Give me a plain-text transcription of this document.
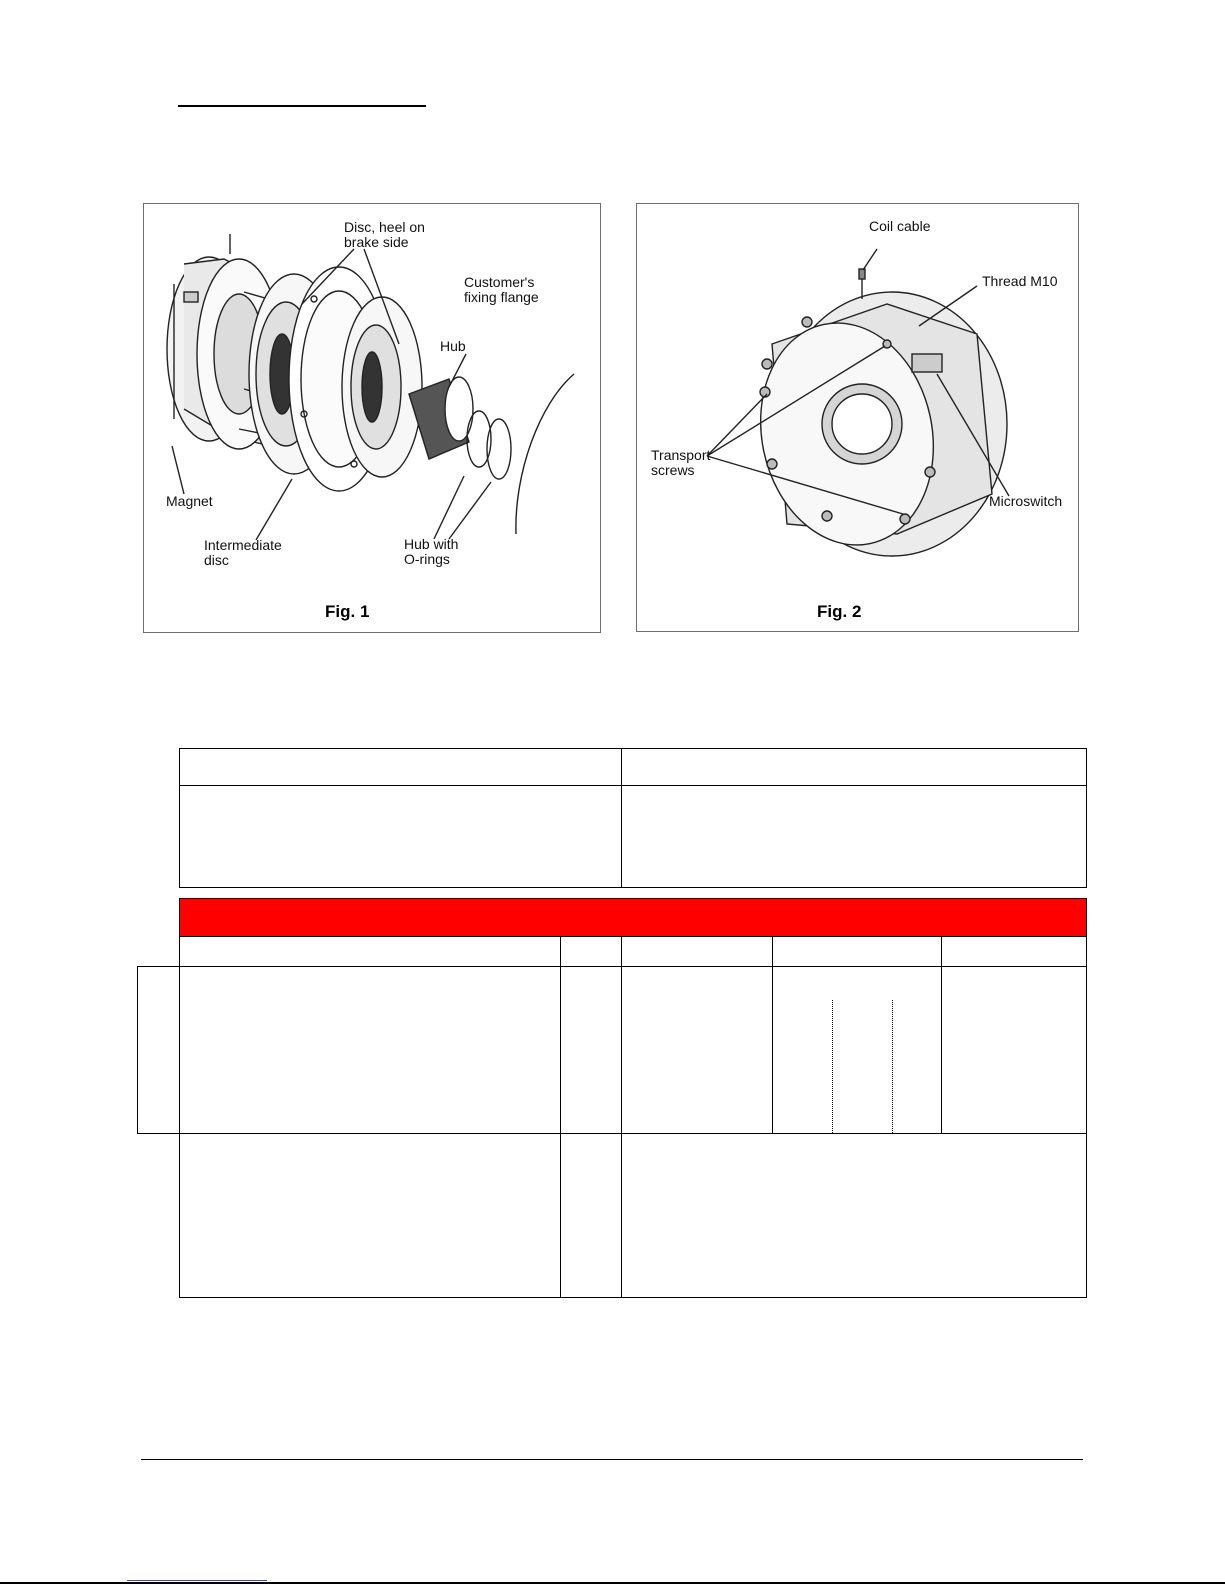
Disc, heel on
brake side
Customer's
fixing flange
Hub
Magnet
Intermediate
disc
Hub with
O-rings
Fig. 1
Coil cable
Thread M10
Transport
screws
Microswitch
Fig. 2
